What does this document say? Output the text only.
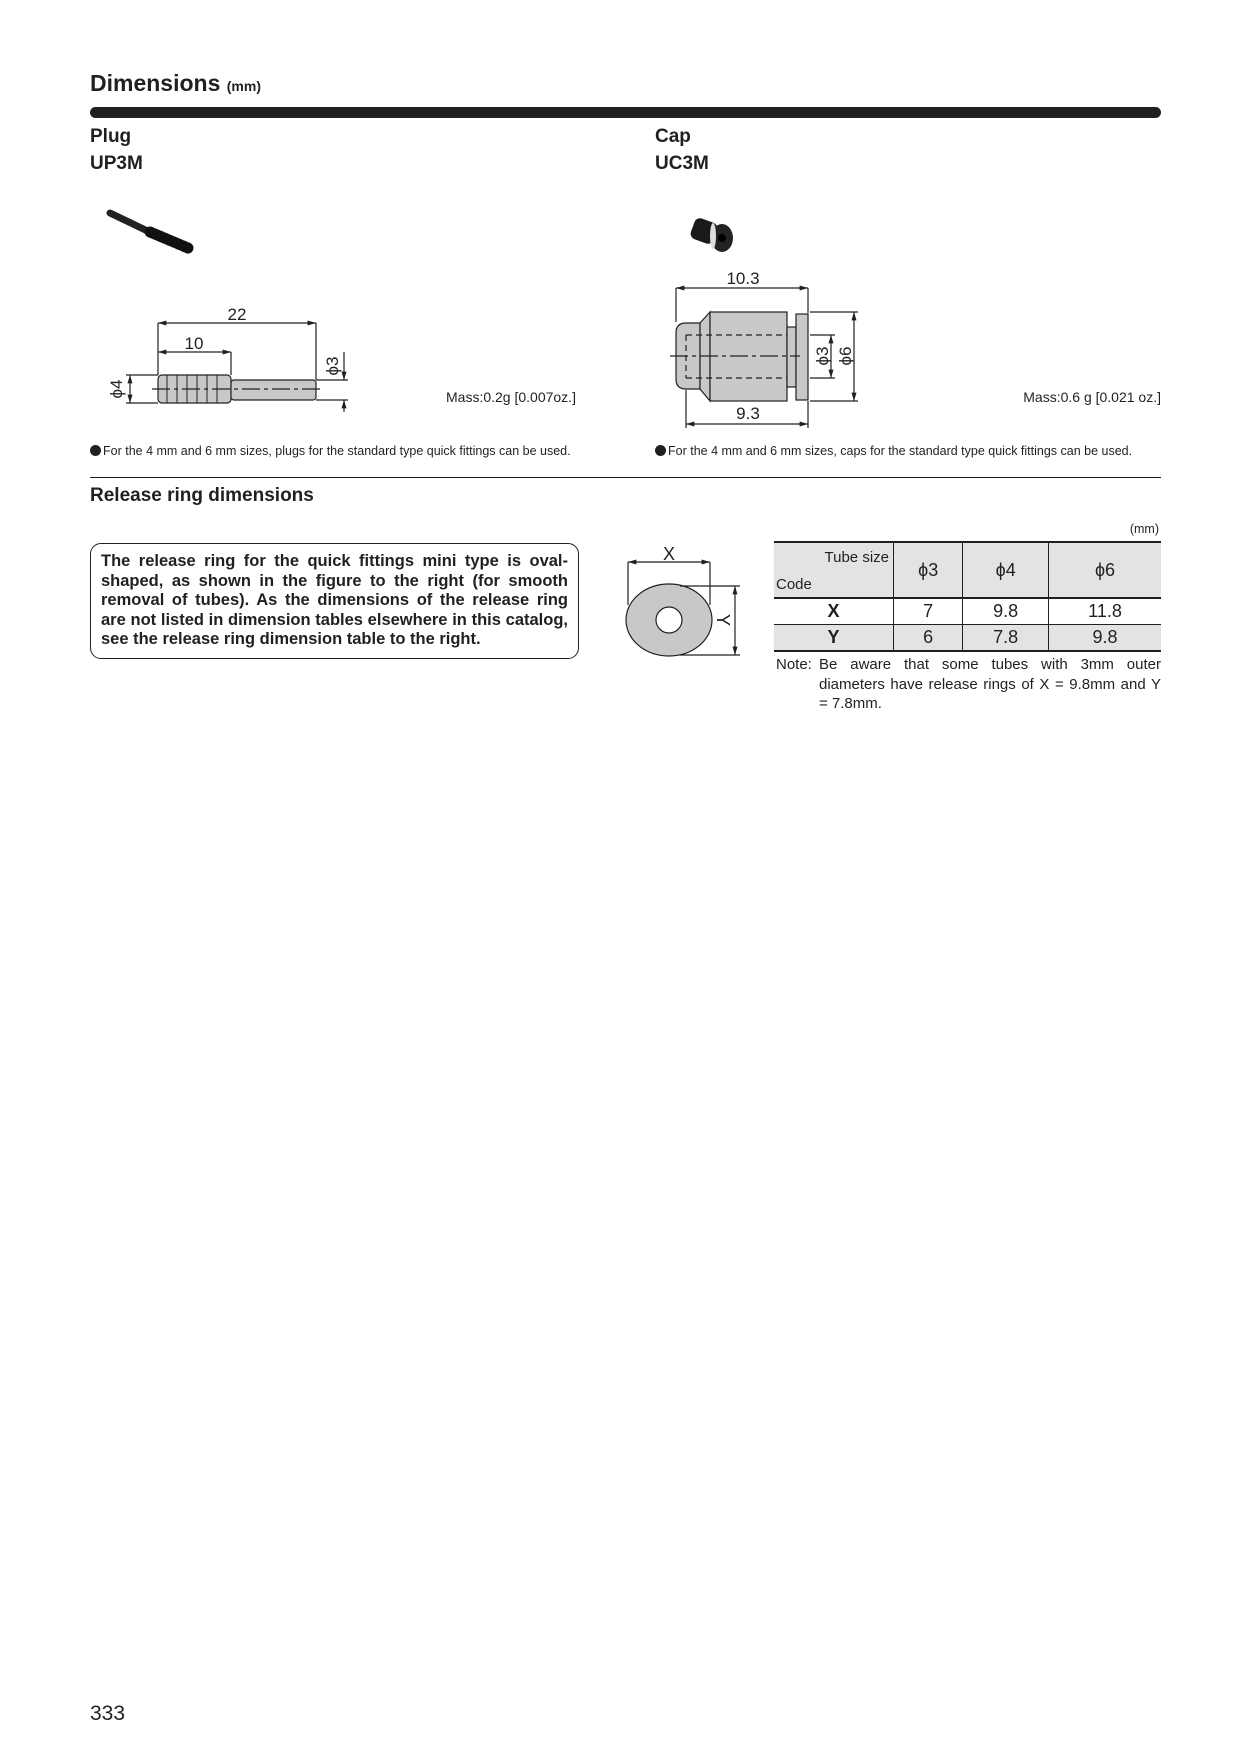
Dimensions (mm)
Plug
UP3M
Cap
UC3M
22
10
ϕ4
ϕ3
10.3
9.3
ϕ3 ϕ6
X
Y
Mass:0.2g [0.007oz.]	Mass:0.6 g [0.021 oz.]
For the 4 mm and 6 mm sizes, plugs for the standard type quick fittings can be used.	For the 4 mm and 6 mm sizes, caps for the standard type quick fittings can be used.
Release ring dimensions
The release ring for the quick fittings mini type is oval-shaped, as shown in the figure to the right (for smooth removal of tubes). As the dimensions of the release ring are not listed in dimension tables elsewhere in this catalog, see the release ring dimension table to the right.
(mm)
Tube size
Code	ϕ3	ϕ4	ϕ6
X	7	9.8	11.8
Y	6	7.8	9.8
Note: Be aware that some tubes with 3mm outer diameters have release rings of X = 9.8mm and Y = 7.8mm.
333
